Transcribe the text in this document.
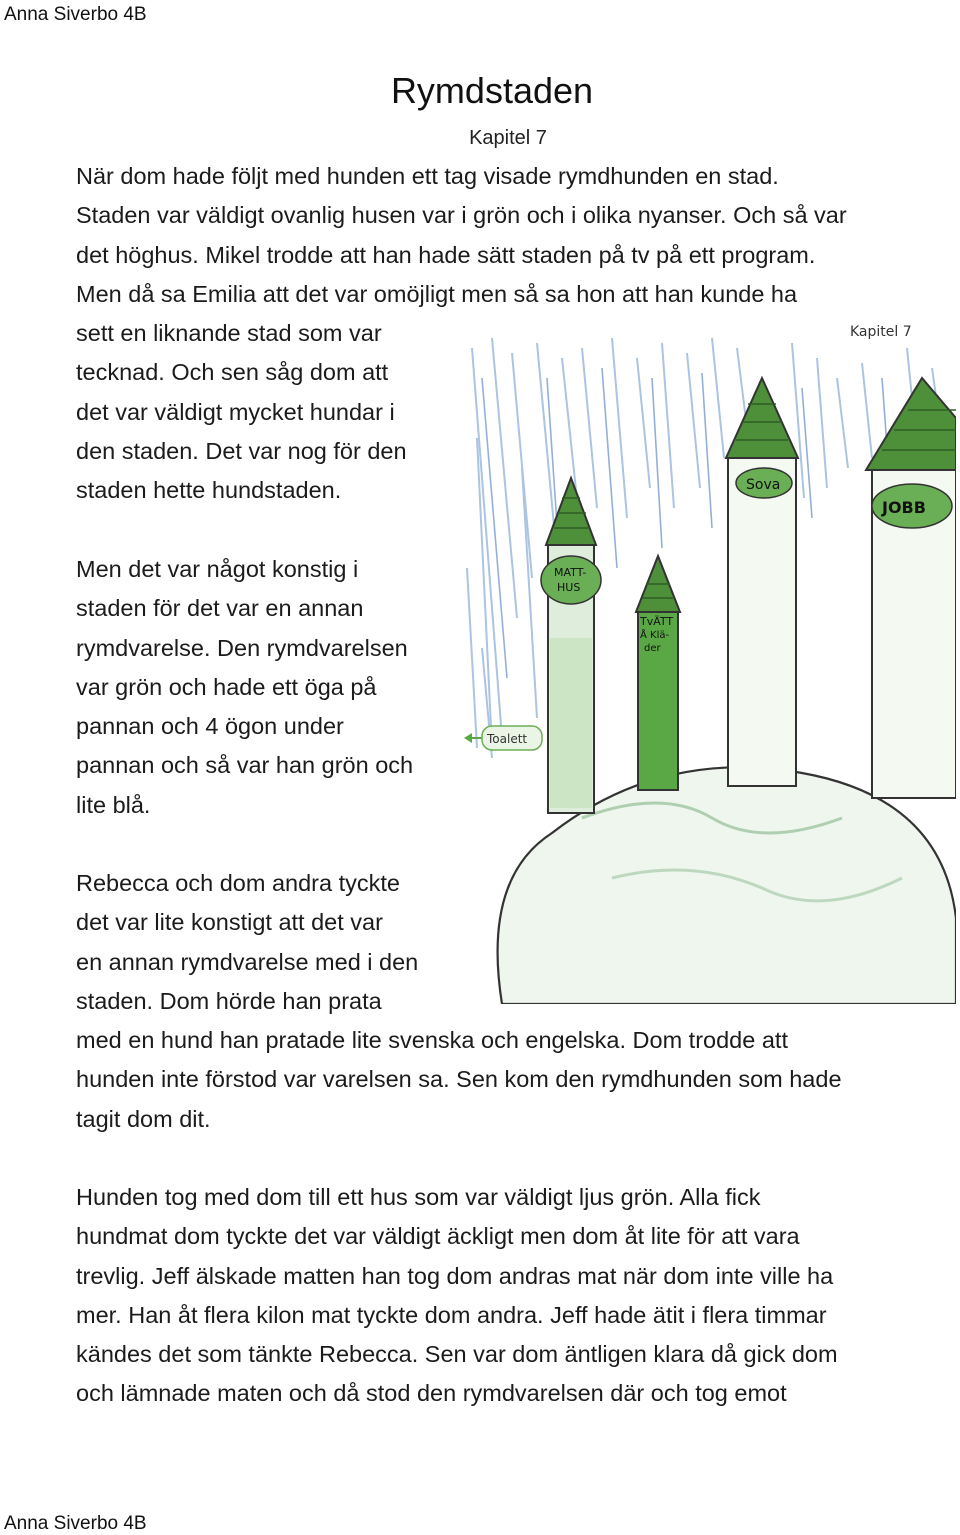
Anna Siverbo 4B
Rymdstaden
Kapitel 7
När dom hade följt med hunden ett tag visade rymdhunden en stad.
Staden var väldigt ovanlig husen var i grön och i olika nyanser. Och så var
det höghus. Mikel trodde att han hade sätt staden på tv på ett program.
Men då sa Emilia att det var omöjligt men så sa hon att han kunde ha
sett en liknande stad som var
tecknad. Och sen såg dom att
det var väldigt mycket hundar i
den staden. Det var nog för den
staden hette hundstaden.
Men det var något konstig i
staden för det var en annan
rymdvarelse. Den rymdvarelsen
var grön och hade ett öga på
pannan och 4 ögon under
pannan och så var han grön och
lite blå.
Rebecca och dom andra tyckte
det var lite konstigt att det var
en annan rymdvarelse med i den
staden. Dom hörde han prata
med en hund han pratade lite svenska och engelska. Dom trodde att
hunden inte förstod var varelsen sa. Sen kom den rymdhunden som hade
tagit dom dit.
Hunden tog med dom till ett hus som var väldigt ljus grön. Alla fick
hundmat dom tyckte det var väldigt äckligt men dom åt lite för att vara
trevlig. Jeff älskade matten han tog dom andras mat när dom inte ville ha
mer. Han åt flera kilon mat tyckte dom andra. Jeff hade ätit i flera timmar
kändes det som tänkte Rebecca. Sen var dom äntligen klara då gick dom
och lämnade maten och då stod den rymdvarelsen där och tog emot
Kapitel 7
MATT-
HUS
TvÄTT
Å Klä-
der
Sova
JOBB
Toalett
Anna Siverbo 4B
